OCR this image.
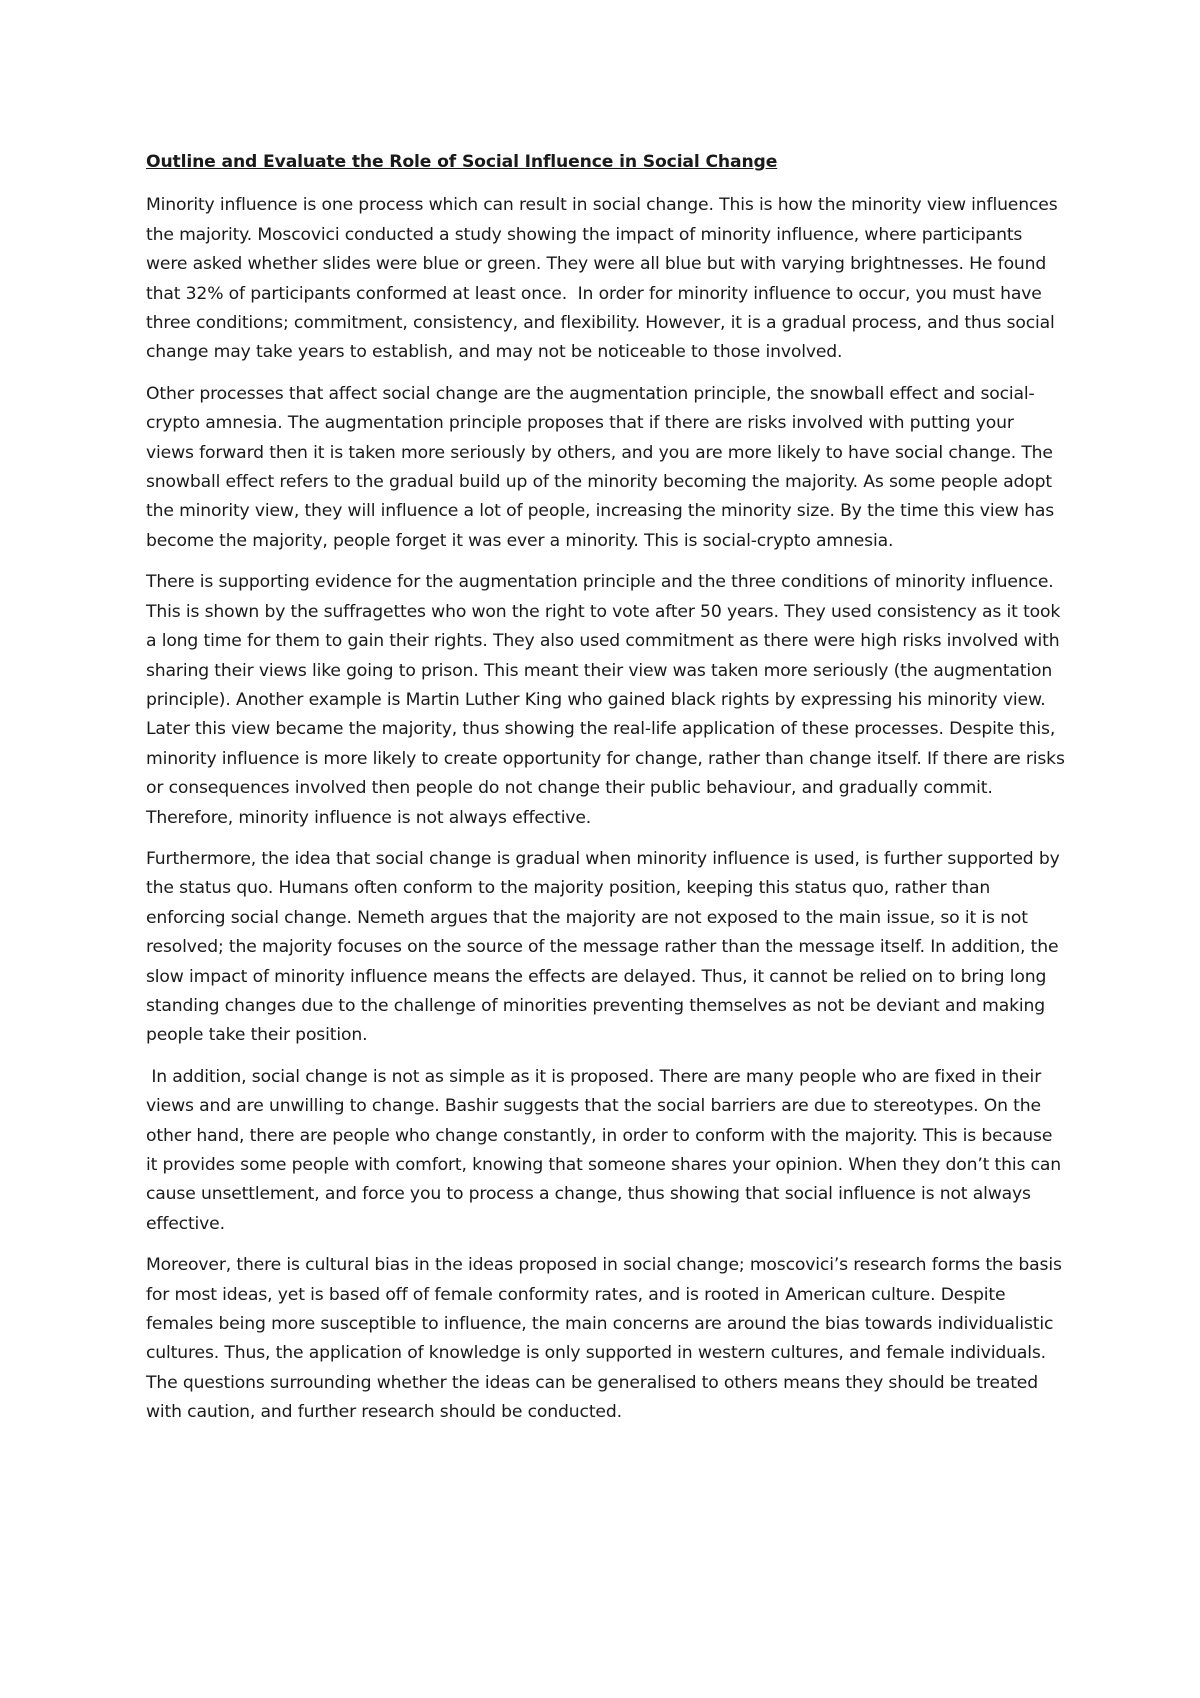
Outline and Evaluate the Role of Social Influence in Social Change

Minority influence is one process which can result in social change. This is how the minority view influences the majority. Moscovici conducted a study showing the impact of minority influence, where participants were asked whether slides were blue or green. They were all blue but with varying brightnesses. He found that 32% of participants conformed at least once.  In order for minority influence to occur, you must have three conditions; commitment, consistency, and flexibility. However, it is a gradual process, and thus social change may take years to establish, and may not be noticeable to those involved.

Other processes that affect social change are the augmentation principle, the snowball effect and social-crypto amnesia. The augmentation principle proposes that if there are risks involved with putting your views forward then it is taken more seriously by others, and you are more likely to have social change. The snowball effect refers to the gradual build up of the minority becoming the majority. As some people adopt the minority view, they will influence a lot of people, increasing the minority size. By the time this view has become the majority, people forget it was ever a minority. This is social-crypto amnesia.

There is supporting evidence for the augmentation principle and the three conditions of minority influence. This is shown by the suffragettes who won the right to vote after 50 years. They used consistency as it took a long time for them to gain their rights. They also used commitment as there were high risks involved with sharing their views like going to prison. This meant their view was taken more seriously (the augmentation principle). Another example is Martin Luther King who gained black rights by expressing his minority view. Later this view became the majority, thus showing the real-life application of these processes. Despite this, minority influence is more likely to create opportunity for change, rather than change itself. If there are risks or consequences involved then people do not change their public behaviour, and gradually commit. Therefore, minority influence is not always effective.

Furthermore, the idea that social change is gradual when minority influence is used, is further supported by the status quo. Humans often conform to the majority position, keeping this status quo, rather than enforcing social change. Nemeth argues that the majority are not exposed to the main issue, so it is not resolved; the majority focuses on the source of the message rather than the message itself. In addition, the slow impact of minority influence means the effects are delayed. Thus, it cannot be relied on to bring long standing changes due to the challenge of minorities preventing themselves as not be deviant and making people take their position.

In addition, social change is not as simple as it is proposed. There are many people who are fixed in their views and are unwilling to change. Bashir suggests that the social barriers are due to stereotypes. On the other hand, there are people who change constantly, in order to conform with the majority. This is because it provides some people with comfort, knowing that someone shares your opinion. When they don’t this can cause unsettlement, and force you to process a change, thus showing that social influence is not always effective.

Moreover, there is cultural bias in the ideas proposed in social change; moscovici’s research forms the basis for most ideas, yet is based off of female conformity rates, and is rooted in American culture. Despite females being more susceptible to influence, the main concerns are around the bias towards individualistic cultures. Thus, the application of knowledge is only supported in western cultures, and female individuals. The questions surrounding whether the ideas can be generalised to others means they should be treated with caution, and further research should be conducted.
